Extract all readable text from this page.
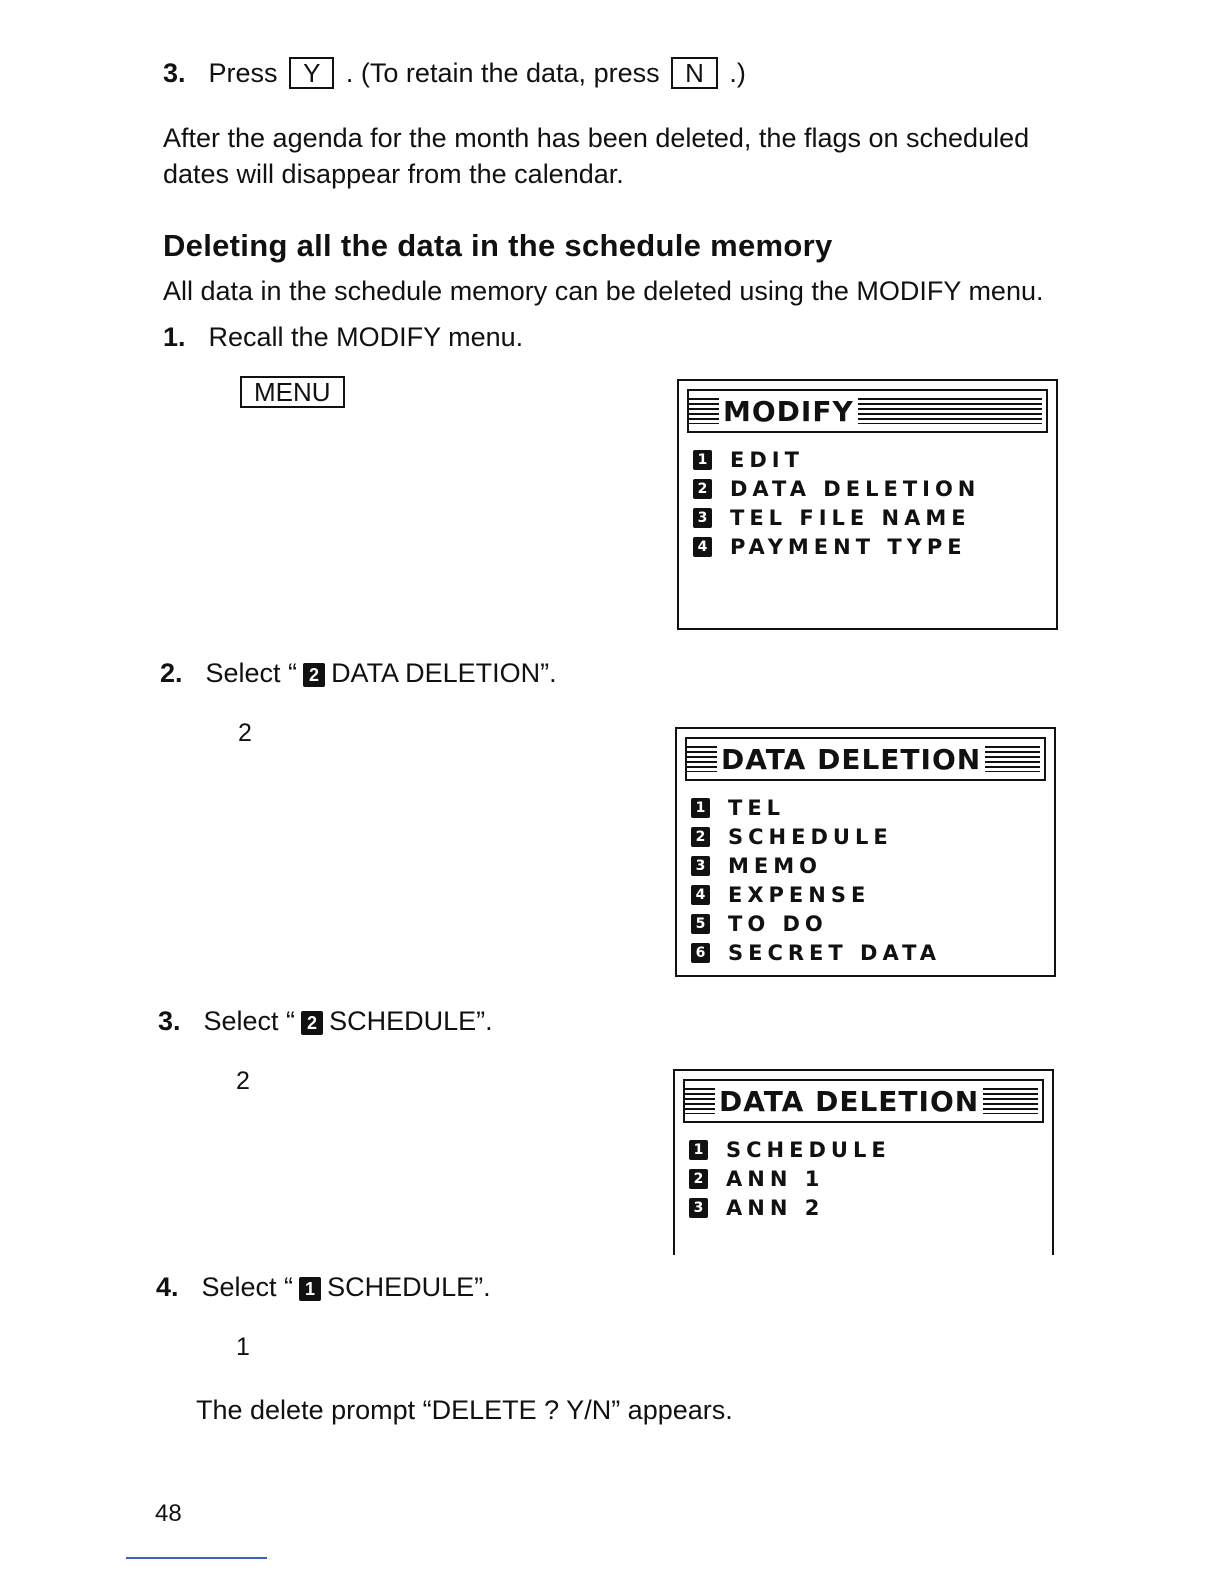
3. Press Y . (To retain the data, press N .)
After the agenda for the month has been deleted, the flags on scheduled dates will disappear from the calendar.
Deleting all the data in the schedule memory
All data in the schedule memory can be deleted using the MODIFY menu.
1. Recall the MODIFY menu.
MENU
MODIFY
1 EDIT
2 DATA DELETION
3 TEL FILE NAME
4 PAYMENT TYPE
2. Select “ 2 DATA DELETION”.
2
DATA DELETION
1 TEL
2 SCHEDULE
3 MEMO
4 EXPENSE
5 TO DO
6 SECRET DATA
3. Select “ 2 SCHEDULE”.
2
DATA DELETION
1 SCHEDULE
2 ANN 1
3 ANN 2
4. Select “ 1 SCHEDULE”.
1
The delete prompt “DELETE ? Y/N” appears.
48
